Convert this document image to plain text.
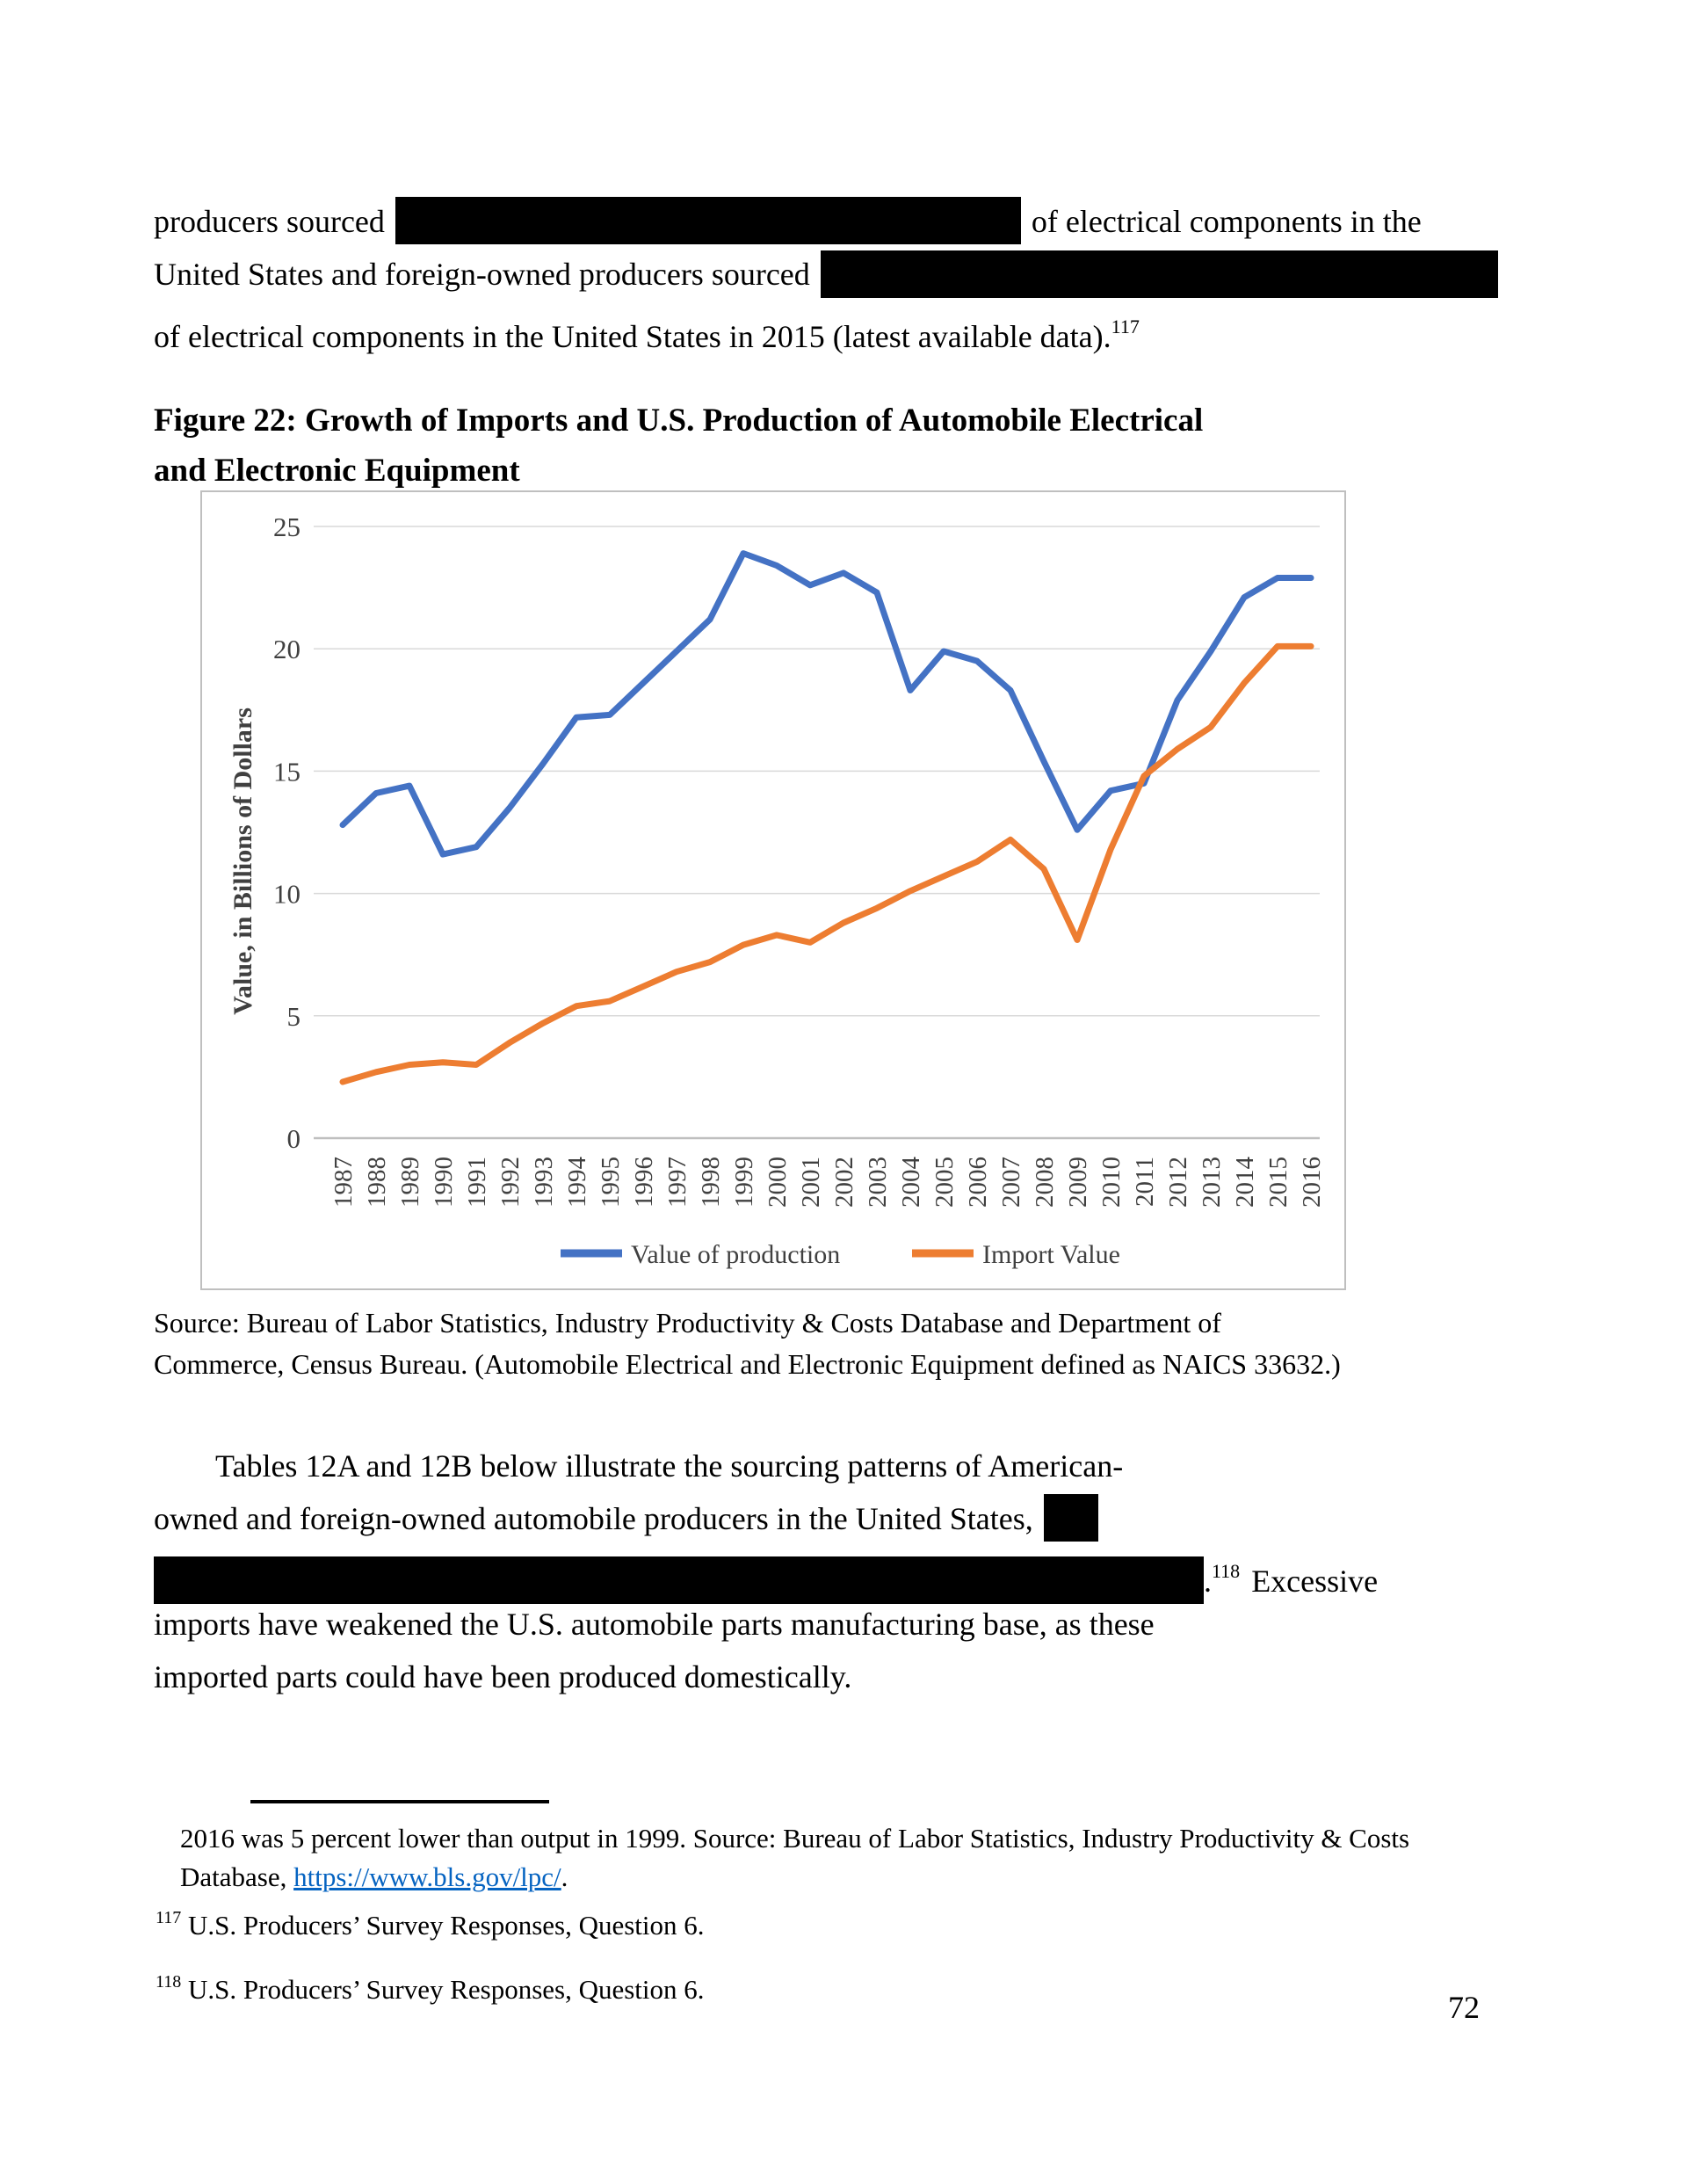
producers sourced	of electrical components in the
United States and foreign-owned producers sourced
of electrical components in the United States in 2015 (latest available data).$^{117}$
Figure 22: Growth of Imports and U.S. Production of Automobile Electrical
and Electronic Equipment
25
20
15
10
5
0
1987 1988 1989 1990 1991 1992 1993 1994 1995 1996 1997 1998 1999 2000 2001 2002 2003 2004 2005 2006 2007 2008 2009 2010 2011 2012 2013 2014 2015 2016
Value, in Billions of Dollars
Value of production	Import Value
Source: Bureau of Labor Statistics, Industry Productivity & Costs Database and Department of
Commerce, Census Bureau. (Automobile Electrical and Electronic Equipment defined as NAICS 33632.)
Tables 12A and 12B below illustrate the sourcing patterns of American-
owned and foreign-owned automobile producers in the United States,
.$^{118}$ Excessive
imports have weakened the U.S. automobile parts manufacturing base, as these
imported parts could have been produced domestically.
2016 was 5 percent lower than output in 1999. Source: Bureau of Labor Statistics, Industry Productivity & Costs
Database, https://www.bls.gov/lpc/.
$^{117}$ U.S. Producers’ Survey Responses, Question 6.
$^{118}$ U.S. Producers’ Survey Responses, Question 6.
72
